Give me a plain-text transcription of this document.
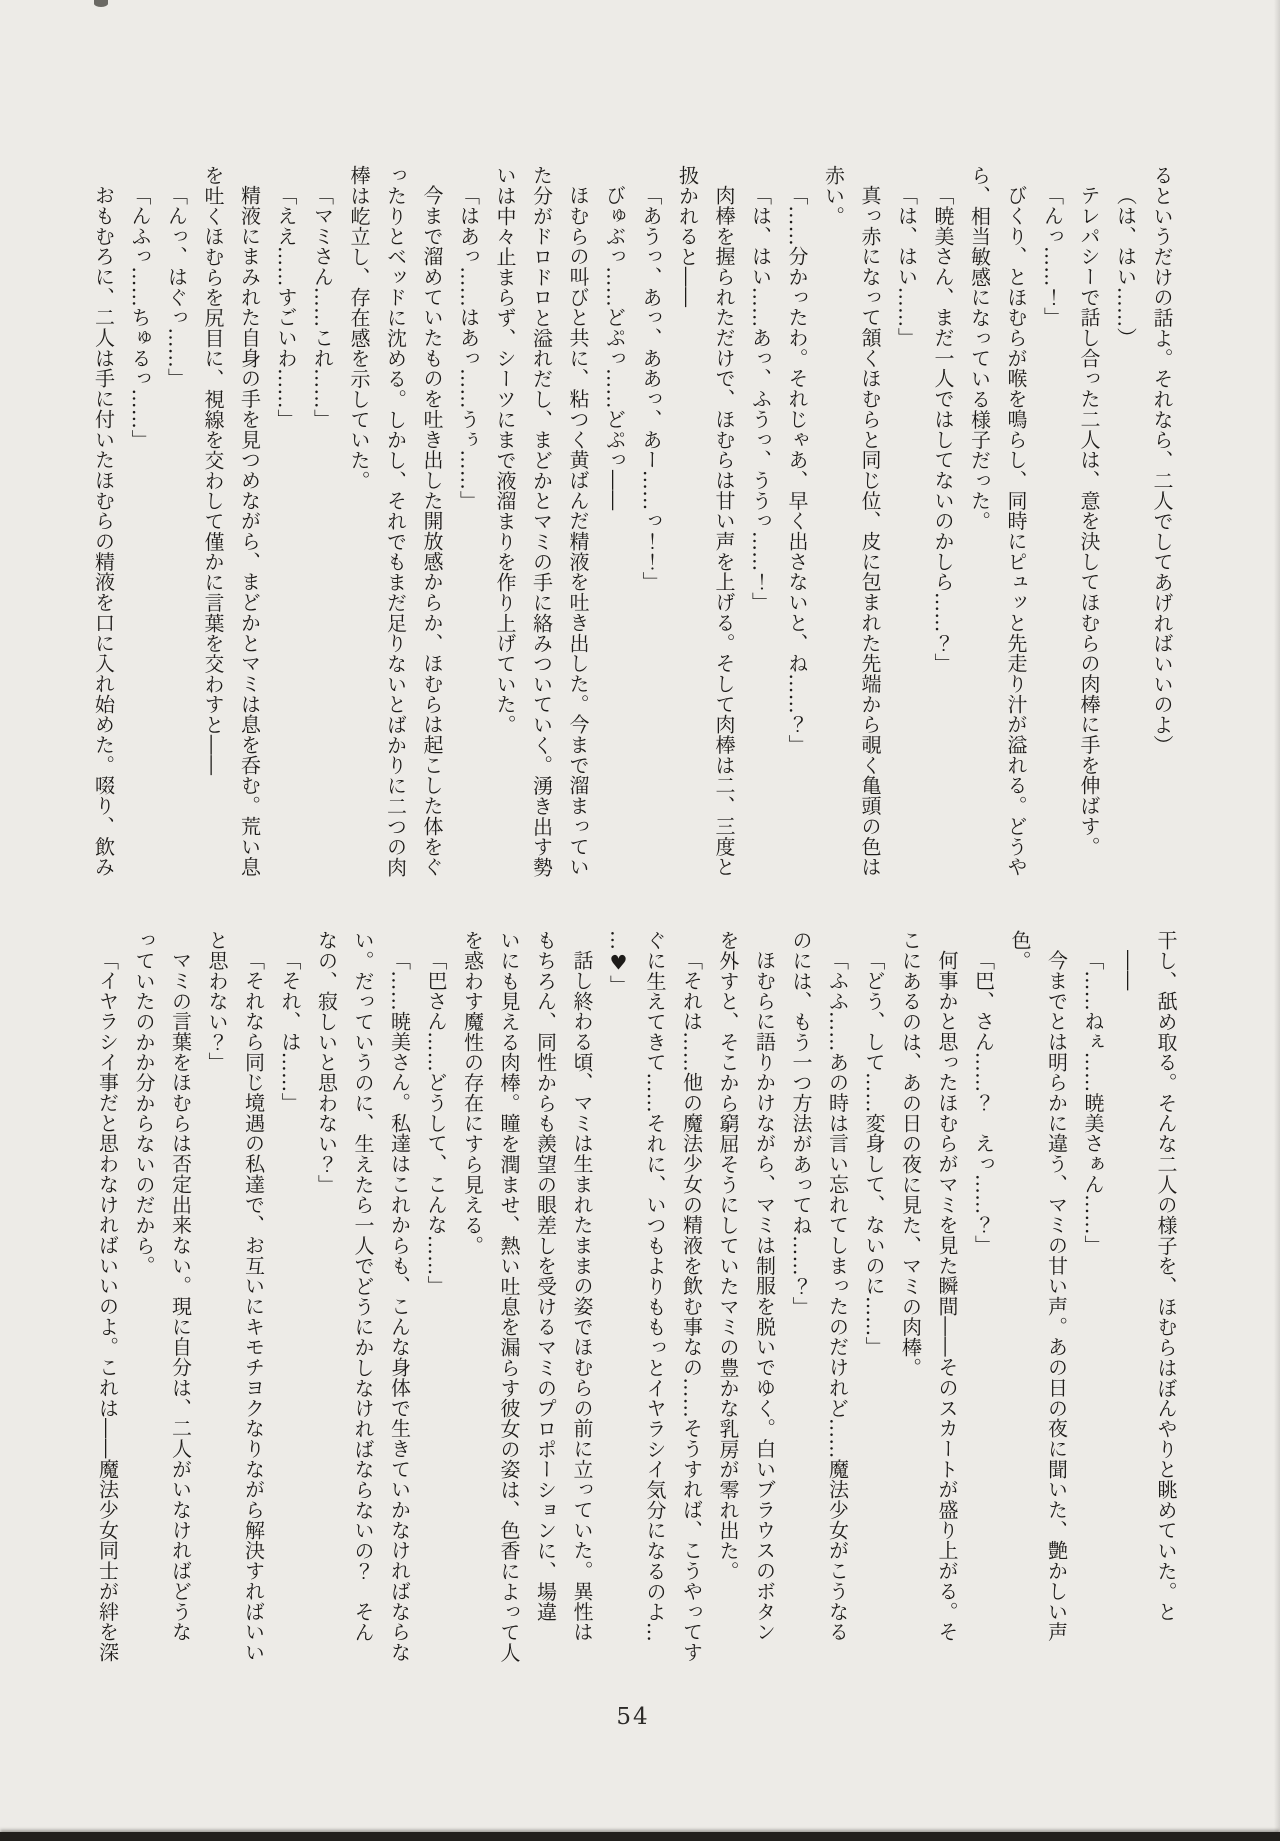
るというだけの話よ。それなら、二人でしてあげればいいのよ）

（は、はい……）

テレパシーで話し合った二人は、意を決してほむらの肉棒に手を伸ばす。

「んっ……！」

びくり、とほむらが喉を鳴らし、同時にピュッと先走り汁が溢れる。どうや

ら、相当敏感になっている様子だった。

「暁美さん、まだ一人ではしてないのかしら……？」

「は、はい……」

真っ赤になって頷くほむらと同じ位、皮に包まれた先端から覗く亀頭の色は

赤い。

「……分かったわ。それじゃあ、早く出さないと、ね……？」

「は、はい……あっ、ふうっ、ううっ……！」

肉棒を握られただけで、ほむらは甘い声を上げる。そして肉棒は二、三度と

扱かれると――

「あうっ、あっ、ああっ、あー……っ！！」

びゅぶっ……どぷっ……どぷっ――

ほむらの叫びと共に、粘つく黄ばんだ精液を吐き出した。今まで溜まってい

た分がドロドロと溢れだし、まどかとマミの手に絡みついていく。湧き出す勢

いは中々止まらず、シーツにまで液溜まりを作り上げていた。

「はあっ……はあっ……うぅ……」

今まで溜めていたものを吐き出した開放感からか、ほむらは起こした体をぐ

ったりとベッドに沈める。しかし、それでもまだ足りないとばかりに二つの肉

棒は屹立し、存在感を示していた。

「マミさん……これ……」

「ええ……すごいわ……」

精液にまみれた自身の手を見つめながら、まどかとマミは息を呑む。荒い息

を吐くほむらを尻目に、視線を交わして僅かに言葉を交わすと――

「んっ、はぐっ……」

「んふっ……ちゅるっ……」

おもむろに、二人は手に付いたほむらの精液を口に入れ始めた。啜り、飲み

干し、舐め取る。そんな二人の様子を、ほむらはぼんやりと眺めていた。と

――

「……ねぇ……暁美さぁん……」

今までとは明らかに違う、マミの甘い声。あの日の夜に聞いた、艶かしい声

色。

「巴、さん……？　えっ……？」

何事かと思ったほむらがマミを見た瞬間――そのスカートが盛り上がる。そ

こにあるのは、あの日の夜に見た、マミの肉棒。

「どう、して……変身して、ないのに……」

「ふふ……あの時は言い忘れてしまったのだけれど……魔法少女がこうなる

のには、もう一つ方法があってね……？」

ほむらに語りかけながら、マミは制服を脱いでゆく。白いブラウスのボタン

を外すと、そこから窮屈そうにしていたマミの豊かな乳房が零れ出た。

「それは……他の魔法少女の精液を飲む事なの……そうすれば、こうやってす

ぐに生えてきて……それに、いつもよりももっとイヤラシイ気分になるのよ…

…♥」

話し終わる頃、マミは生まれたままの姿でほむらの前に立っていた。異性は

もちろん、同性からも羨望の眼差しを受けるマミのプロポーションに、場違

いにも見える肉棒。瞳を潤ませ、熱い吐息を漏らす彼女の姿は、色香によって人

を惑わす魔性の存在にすら見える。

「巴さん……どうして、こんな……」

「……暁美さん。私達はこれからも、こんな身体で生きていかなければならな

い。だっていうのに、生えたら一人でどうにかしなければならないの？　そん

なの、寂しいと思わない？」

「それ、は……」

「それなら同じ境遇の私達で、お互いにキモチヨクなりながら解決すればいい

と思わない？」

マミの言葉をほむらは否定出来ない。現に自分は、二人がいなければどうな

っていたのかか分からないのだから。

「イヤラシイ事だと思わなければいいのよ。これは――魔法少女同士が絆を深

54
